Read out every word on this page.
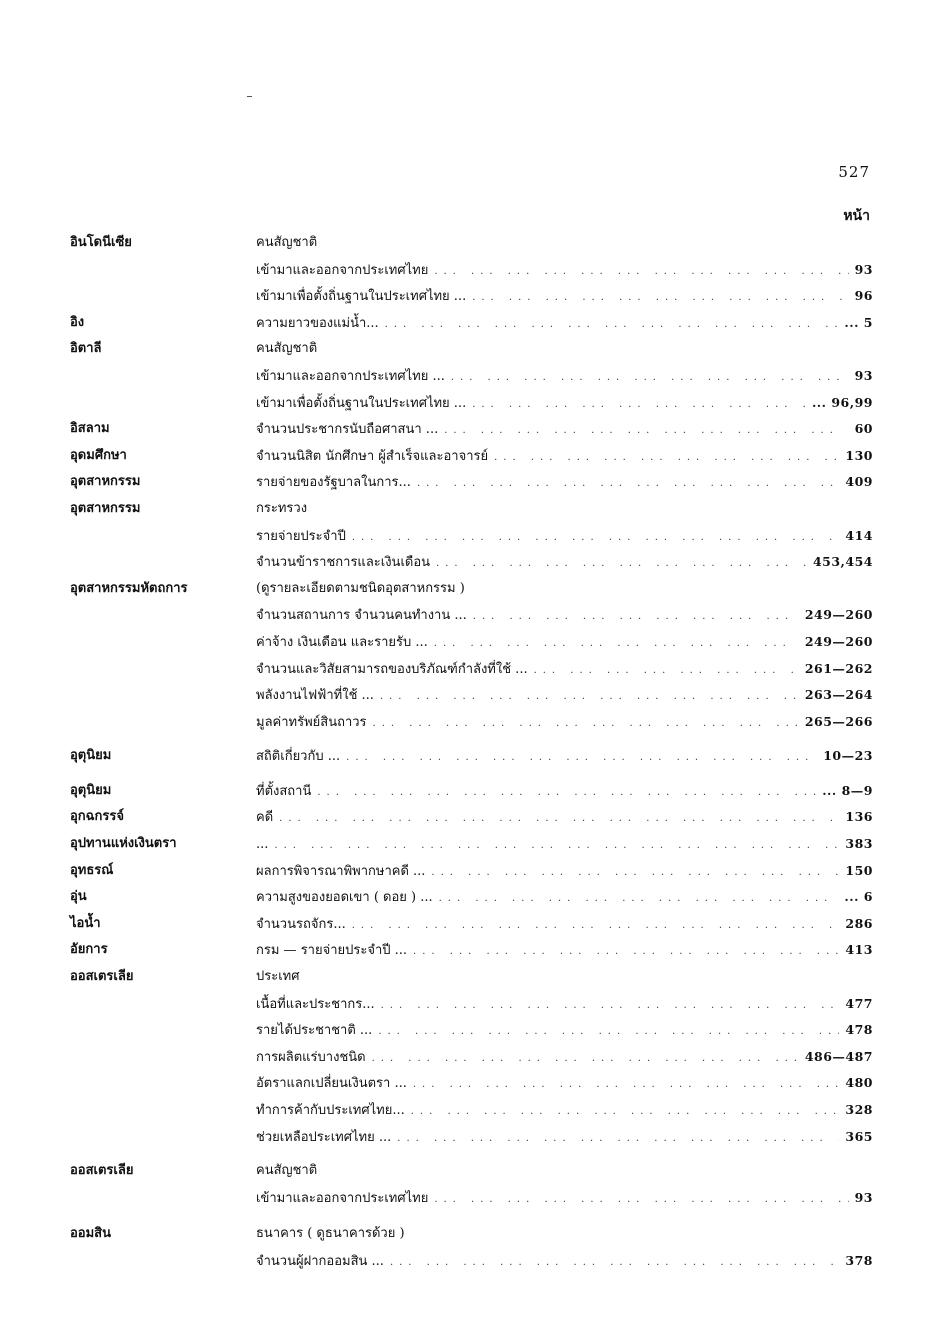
527
หน้า
อินโดนีเซีย	คนสัญชาติ
เข้ามาและออกจากประเทศไทย ... .	93
เข้ามาเพื่อตั้งถิ่นฐานในประเทศไทย ... ... .	96
อิง	ความยาวของแม่น้ำ... ... .	... 5
อิตาลี	คนสัญชาติ
เข้ามาและออกจากประเทศไทย ... ... .	93
เข้ามาเพื่อตั้งถิ่นฐานในประเทศไทย ... ... .	... 96,99
อิสลาม	จำนวนประชากรนับถือศาสนา ... ... .	60
อุดมศึกษา	จำนวนนิสิต นักศึกษา ผู้สำเร็จและอาจารย์ ... .	130
อุตสาหกรรม	รายจ่ายของรัฐบาลในการ... ... .	409
อุตสาหกรรม	กระทรวง
รายจ่ายประจำปี ... .	414
จำนวนข้าราชการและเงินเดือน ... .	453,454
อุตสาหกรรมหัตถการ	(ดูรายละเอียดตามชนิดอุตสาหกรรม )
จำนวนสถานการ จำนวนคนทำงาน ... ... .	249—260
ค่าจ้าง เงินเดือน และรายรับ ... ... .	249—260
จำนวนและวิสัยสามารถของบริภัณฑ์กำลังที่ใช้ ... ... .	261—262
พลังงานไฟฟ้าที่ใช้ ... ... .	263—264
มูลค่าทรัพย์สินถาวร ... .	265—266
อุตุนิยม	สถิติเกี่ยวกับ ... ... .	10—23
อุตุนิยม	ที่ตั้งสถานี ... .	... 8—9
อุกฉกรรจ์	คดี ... .	136
อุปทานแห่งเงินตรา	... ... .	383
อุทธรณ์	ผลการพิจารณาพิพากษาคดี ... ... .	150
อุ่น	ความสูงของยอดเขา ( ดอย ) ... ... .	... 6
ไอน้ำ	จำนวนรถจักร... ... .	286
อัยการ	กรม — รายจ่ายประจำปี ... ... .	413
ออสเตรเลีย	ประเทศ
เนื้อที่และประชากร... ... .	477
รายได้ประชาชาติ ... ... .	478
การผลิตแร่บางชนิด ... .	486—487
อัตราแลกเปลี่ยนเงินตรา ... ... .	480
ทำการค้ากับประเทศไทย... ... .	328
ช่วยเหลือประเทศไทย ... ... .	365
ออสเตรเลีย	คนสัญชาติ
เข้ามาและออกจากประเทศไทย ... .	93
ออมสิน	ธนาคาร ( ดูธนาคารด้วย )
จำนวนผู้ฝากออมสิน ... ... .	378
